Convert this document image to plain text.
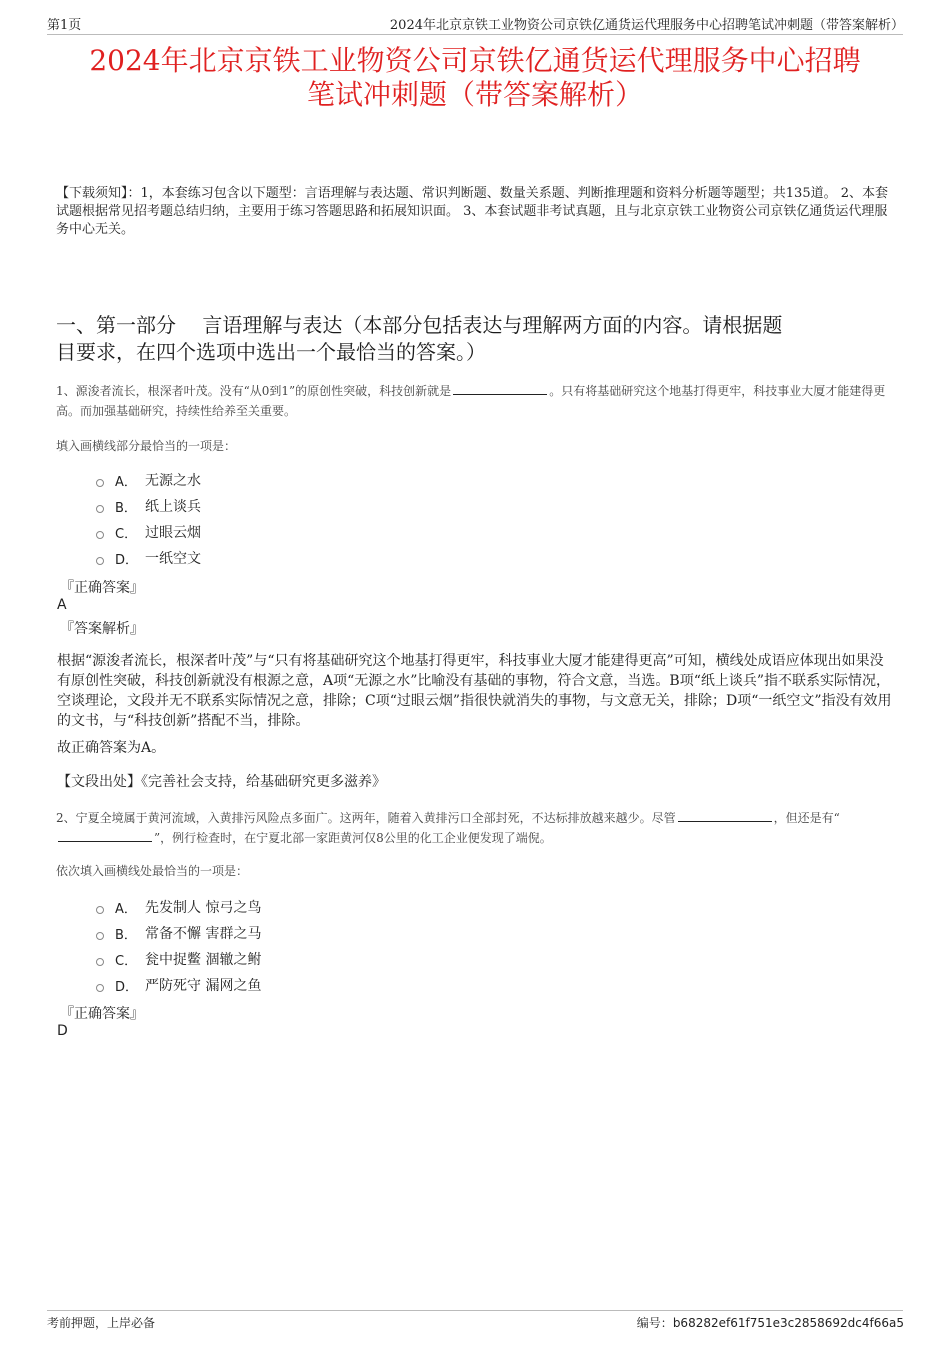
第1页	2024年北京京铁工业物资公司京铁亿通货运代理服务中心招聘笔试冲刺题（带答案解析）
2024年北京京铁工业物资公司京铁亿通货运代理服务中心招聘
笔试冲刺题（带答案解析）
【下载须知】：1，本套练习包含以下题型：言语理解与表达题、常识判断题、数量关系题、判断推理题和资料分析题等题型；共135道。 2、本套试题根据常见招考题总结归纳，主要用于练习答题思路和拓展知识面。 3、本套试题非考试真题，且与北京京铁工业物资公司京铁亿通货运代理服务中心无关。
一、第一部分　 言语理解与表达（本部分包括表达与理解两方面的内容。请根据题
目要求，在四个选项中选出一个最恰当的答案。）
1、源浚者流长，根深者叶茂。没有“从0到1”的原创性突破，科技创新就是	。只有将基础研究这个地基打得更牢，科技事业大厦才能建得更高。而加强基础研究，持续性给养至关重要。
填入画横线部分最恰当的一项是：
A． 无源之水
B． 纸上谈兵
C． 过眼云烟
D． 一纸空文
『正确答案』
A
『答案解析』
根据“源浚者流长，根深者叶茂”与“只有将基础研究这个地基打得更牢，科技事业大厦才能建得更高”可知，横线处成语应体现出如果没有原创性突破，科技创新就没有根源之意，A项“无源之水”比喻没有基础的事物，符合文意，当选。B项“纸上谈兵”指不联系实际情况，空谈理论，文段并无不联系实际情况之意，排除；C项“过眼云烟”指很快就消失的事物，与文意无关，排除；D项“一纸空文”指没有效用的文书，与“科技创新”搭配不当，排除。
故正确答案为A。
【文段出处】《完善社会支持，给基础研究更多滋养》
2、宁夏全境属于黄河流域，入黄排污风险点多面广。这两年，随着入黄排污口全部封死，不达标排放越来越少。尽管	，但还是有“”，例行检查时，在宁夏北部一家距黄河仅8公里的化工企业便发现了端倪。
依次填入画横线处最恰当的一项是：
A． 先发制人 惊弓之鸟
B． 常备不懈 害群之马
C． 瓮中捉鳖 涸辙之鲋
D． 严防死守 漏网之鱼
『正确答案』
D
考前押题，上岸必备	编号：b68282ef61f751e3c2858692dc4f66a5
